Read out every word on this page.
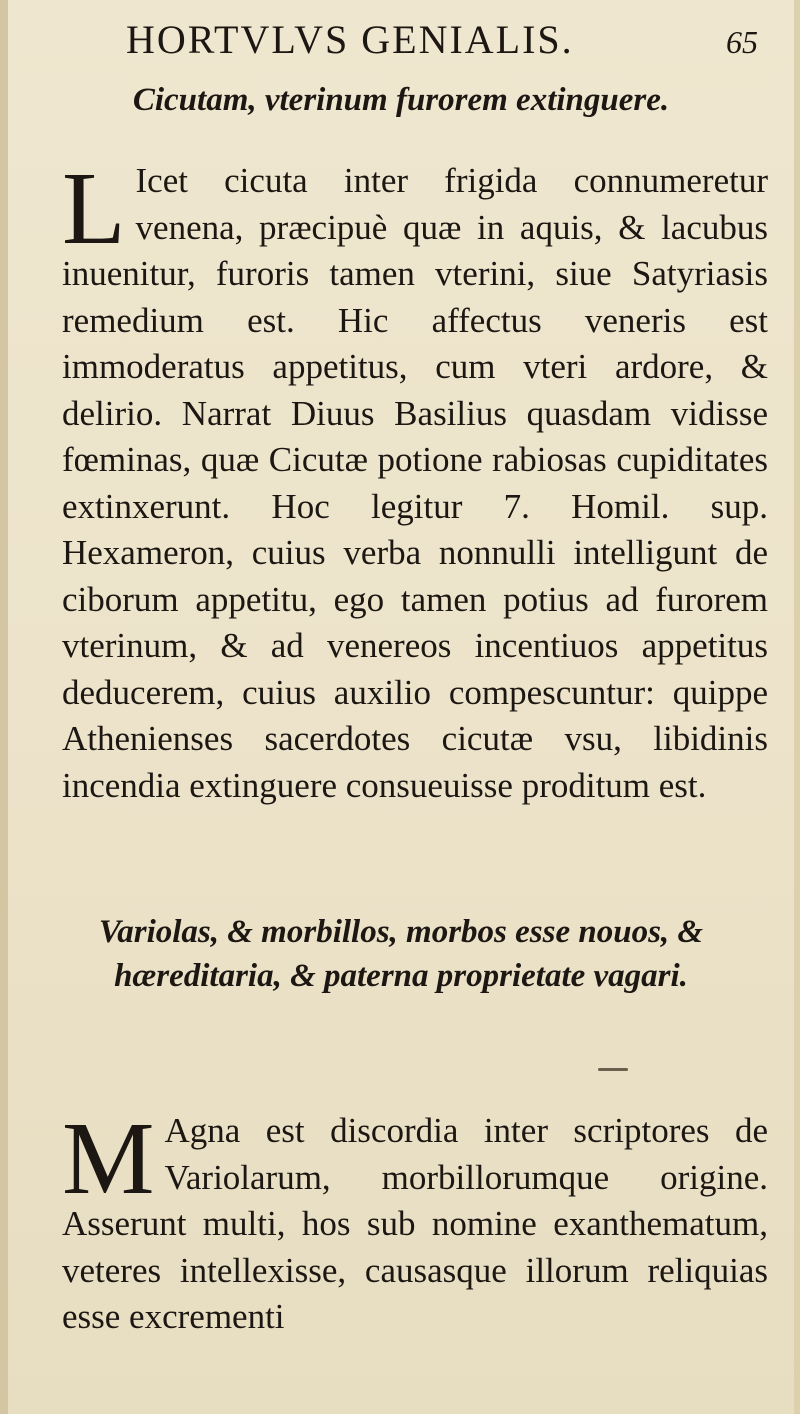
HORTVLVS GENIALIS.	65
Cicutam, vterinum furorem extinguere.

L Icet cicuta inter frigida connumeretur venena, præcipuè quæ in aquis, & lacubus inuenitur, furoris tamen vterini, siue Satyriasis remedium est. Hic affectus veneris est immoderatus appetitus, cum vteri ardore, & delirio. Narrat Diuus Basilius quasdam vidisse fœminas, quæ Cicutæ potione rabiosas cupiditates extinxerunt. Hoc legitur 7. Homil. sup. Hexameron, cuius verba nonnulli intelligunt de ciborum appetitu, ego tamen potius ad furorem vterinum, & ad venereos incentiuos appetitus deducerem, cuius auxilio compescuntur: quippe Athenienses sacerdotes cicutæ vsu, libidinis incendia extinguere consueuisse proditum est.

Variolas, & morbillos, morbos esse nouos, & hæreditaria, & paterna proprietate vagari.

M Agna est discordia inter scriptores de Variolarum, morbillorumque origine. Asserunt multi, hos sub nomine exanthematum, veteres intellexisse, causasque illorum reliquias esse excrementi
